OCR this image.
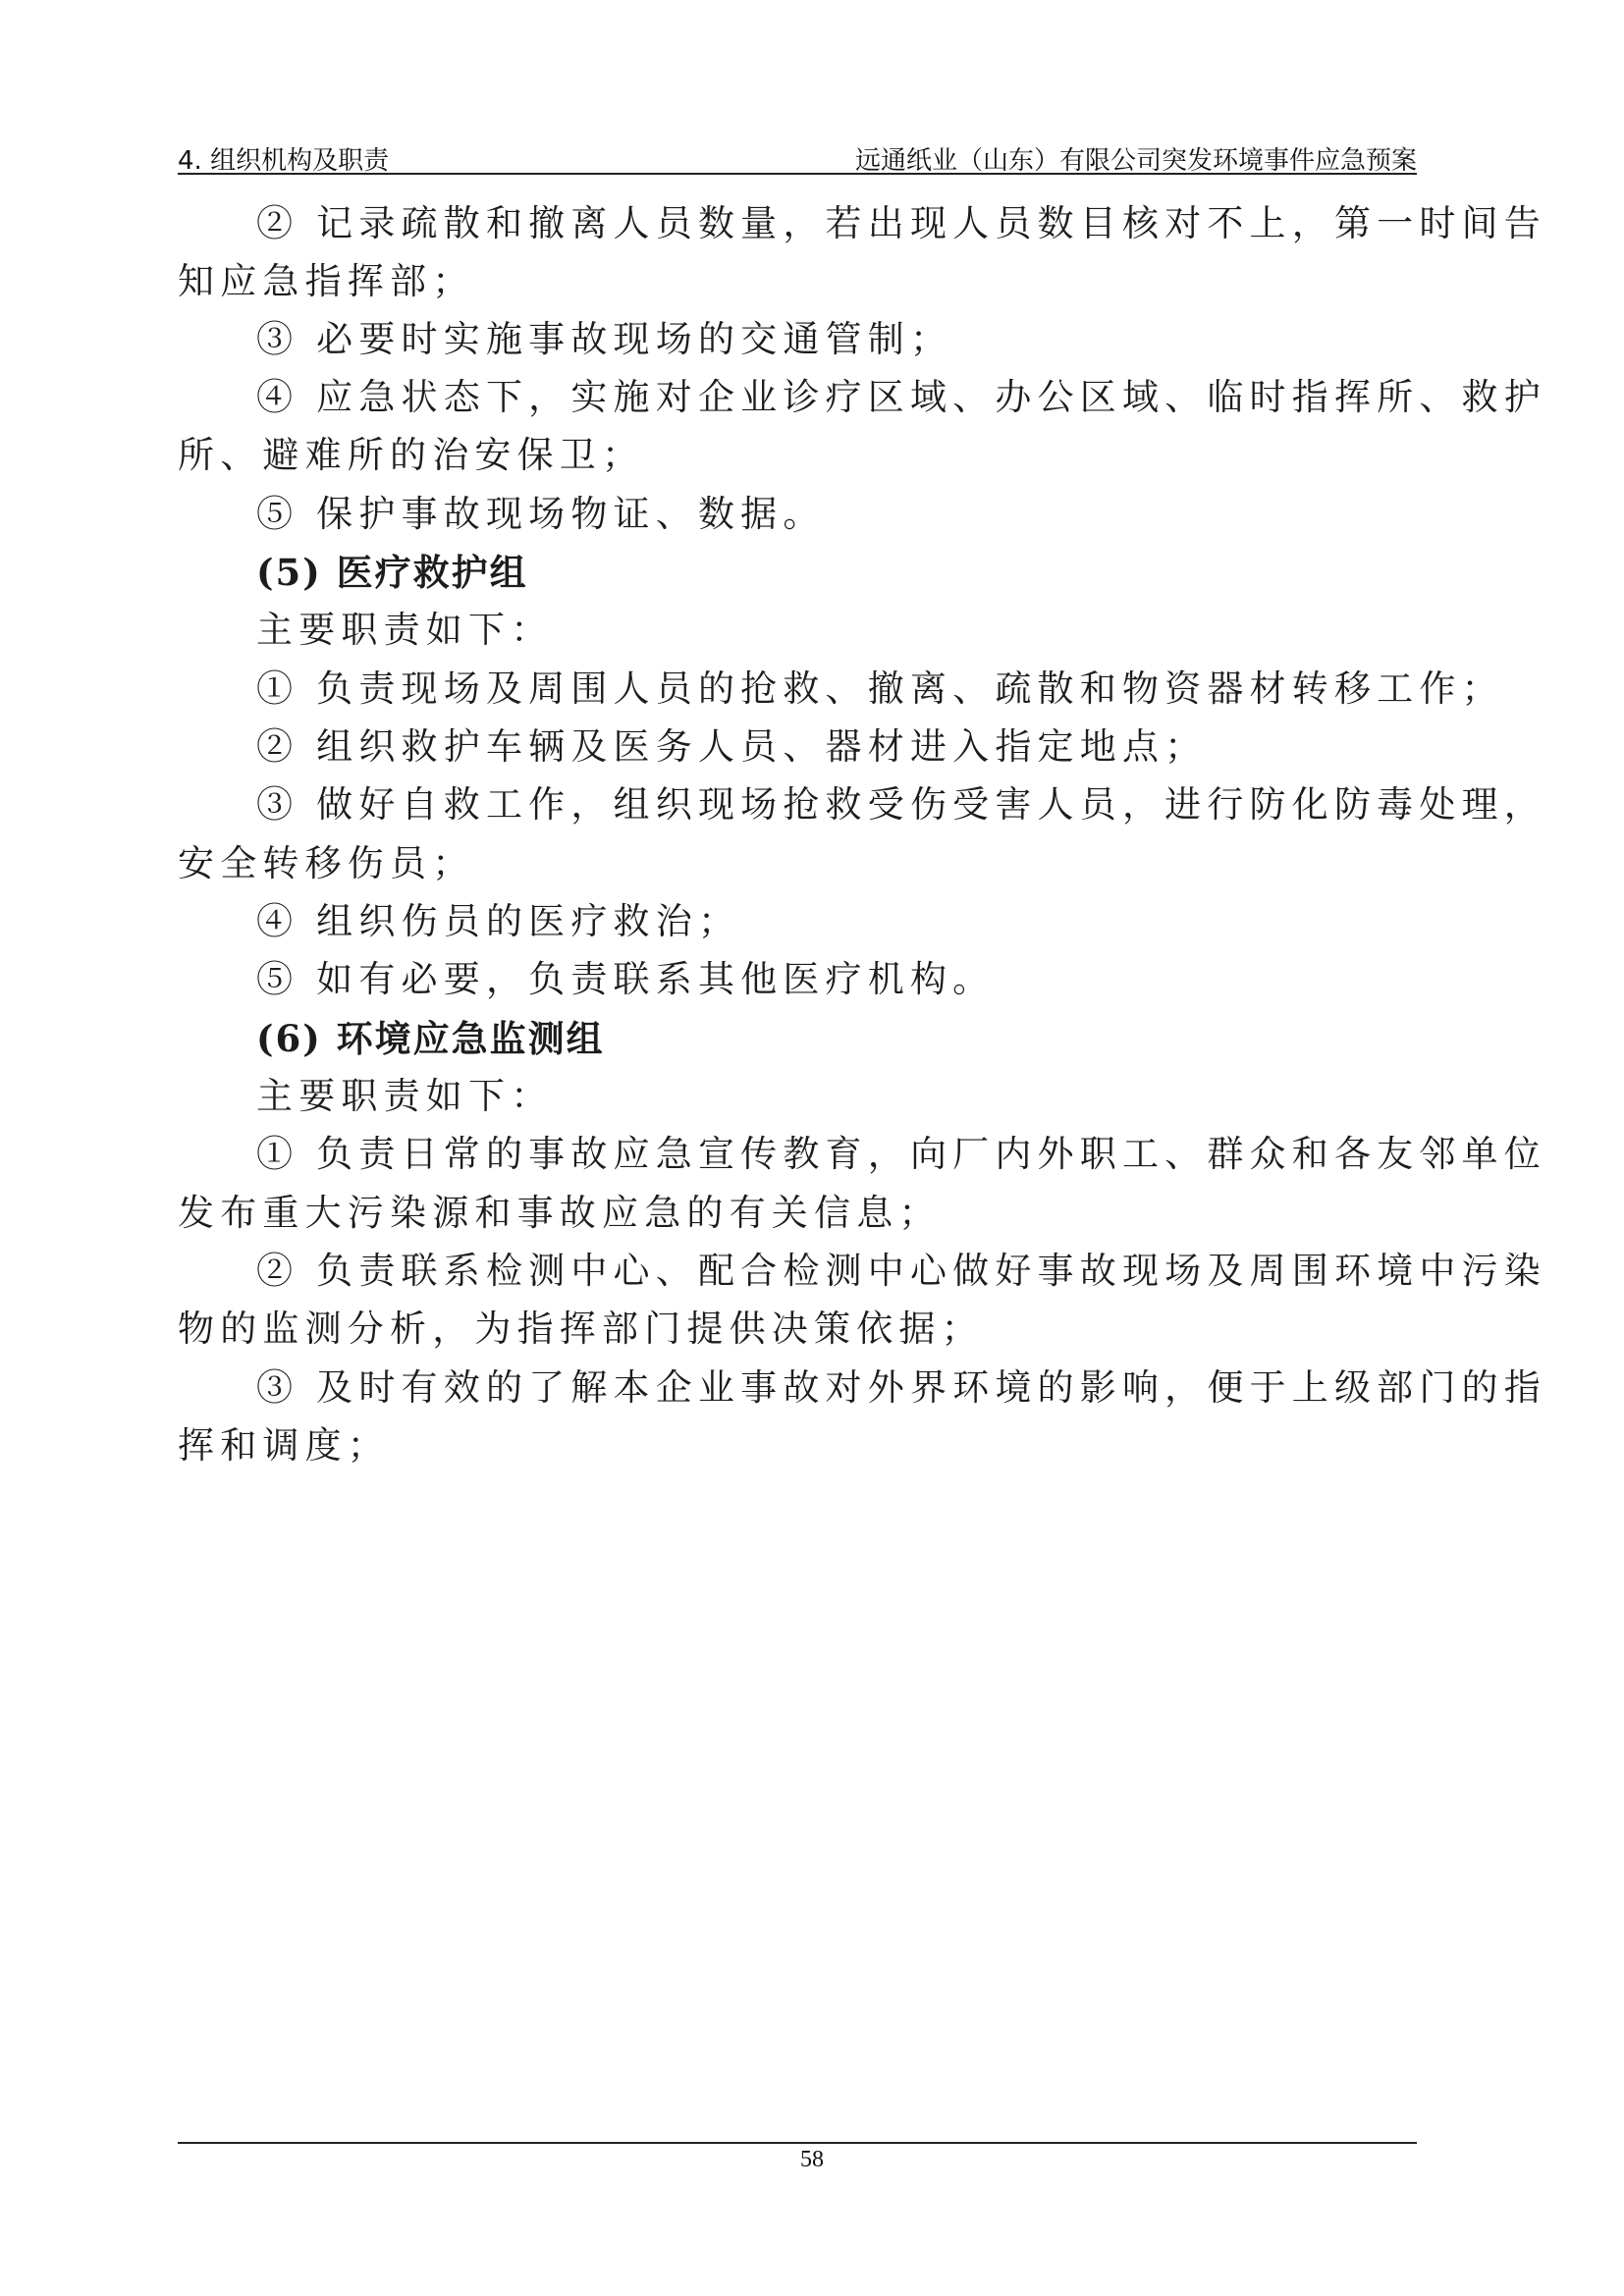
4. 组织机构及职责	远通纸业（山东）有限公司突发环境事件应急预案
② 记录疏散和撤离人员数量，若出现人员数目核对不上，第一时间告
知应急指挥部；
③ 必要时实施事故现场的交通管制；
④ 应急状态下，实施对企业诊疗区域、办公区域、临时指挥所、救护
所、避难所的治安保卫；
⑤ 保护事故现场物证、数据。
(5) 医疗救护组
主要职责如下：
① 负责现场及周围人员的抢救、撤离、疏散和物资器材转移工作；
② 组织救护车辆及医务人员、器材进入指定地点；
③ 做好自救工作，组织现场抢救受伤受害人员，进行防化防毒处理，
安全转移伤员；
④ 组织伤员的医疗救治；
⑤ 如有必要，负责联系其他医疗机构。
(6) 环境应急监测组
主要职责如下：
① 负责日常的事故应急宣传教育，向厂内外职工、群众和各友邻单位
发布重大污染源和事故应急的有关信息；
② 负责联系检测中心、配合检测中心做好事故现场及周围环境中污染
物的监测分析，为指挥部门提供决策依据；
③ 及时有效的了解本企业事故对外界环境的影响，便于上级部门的指
挥和调度；
58
